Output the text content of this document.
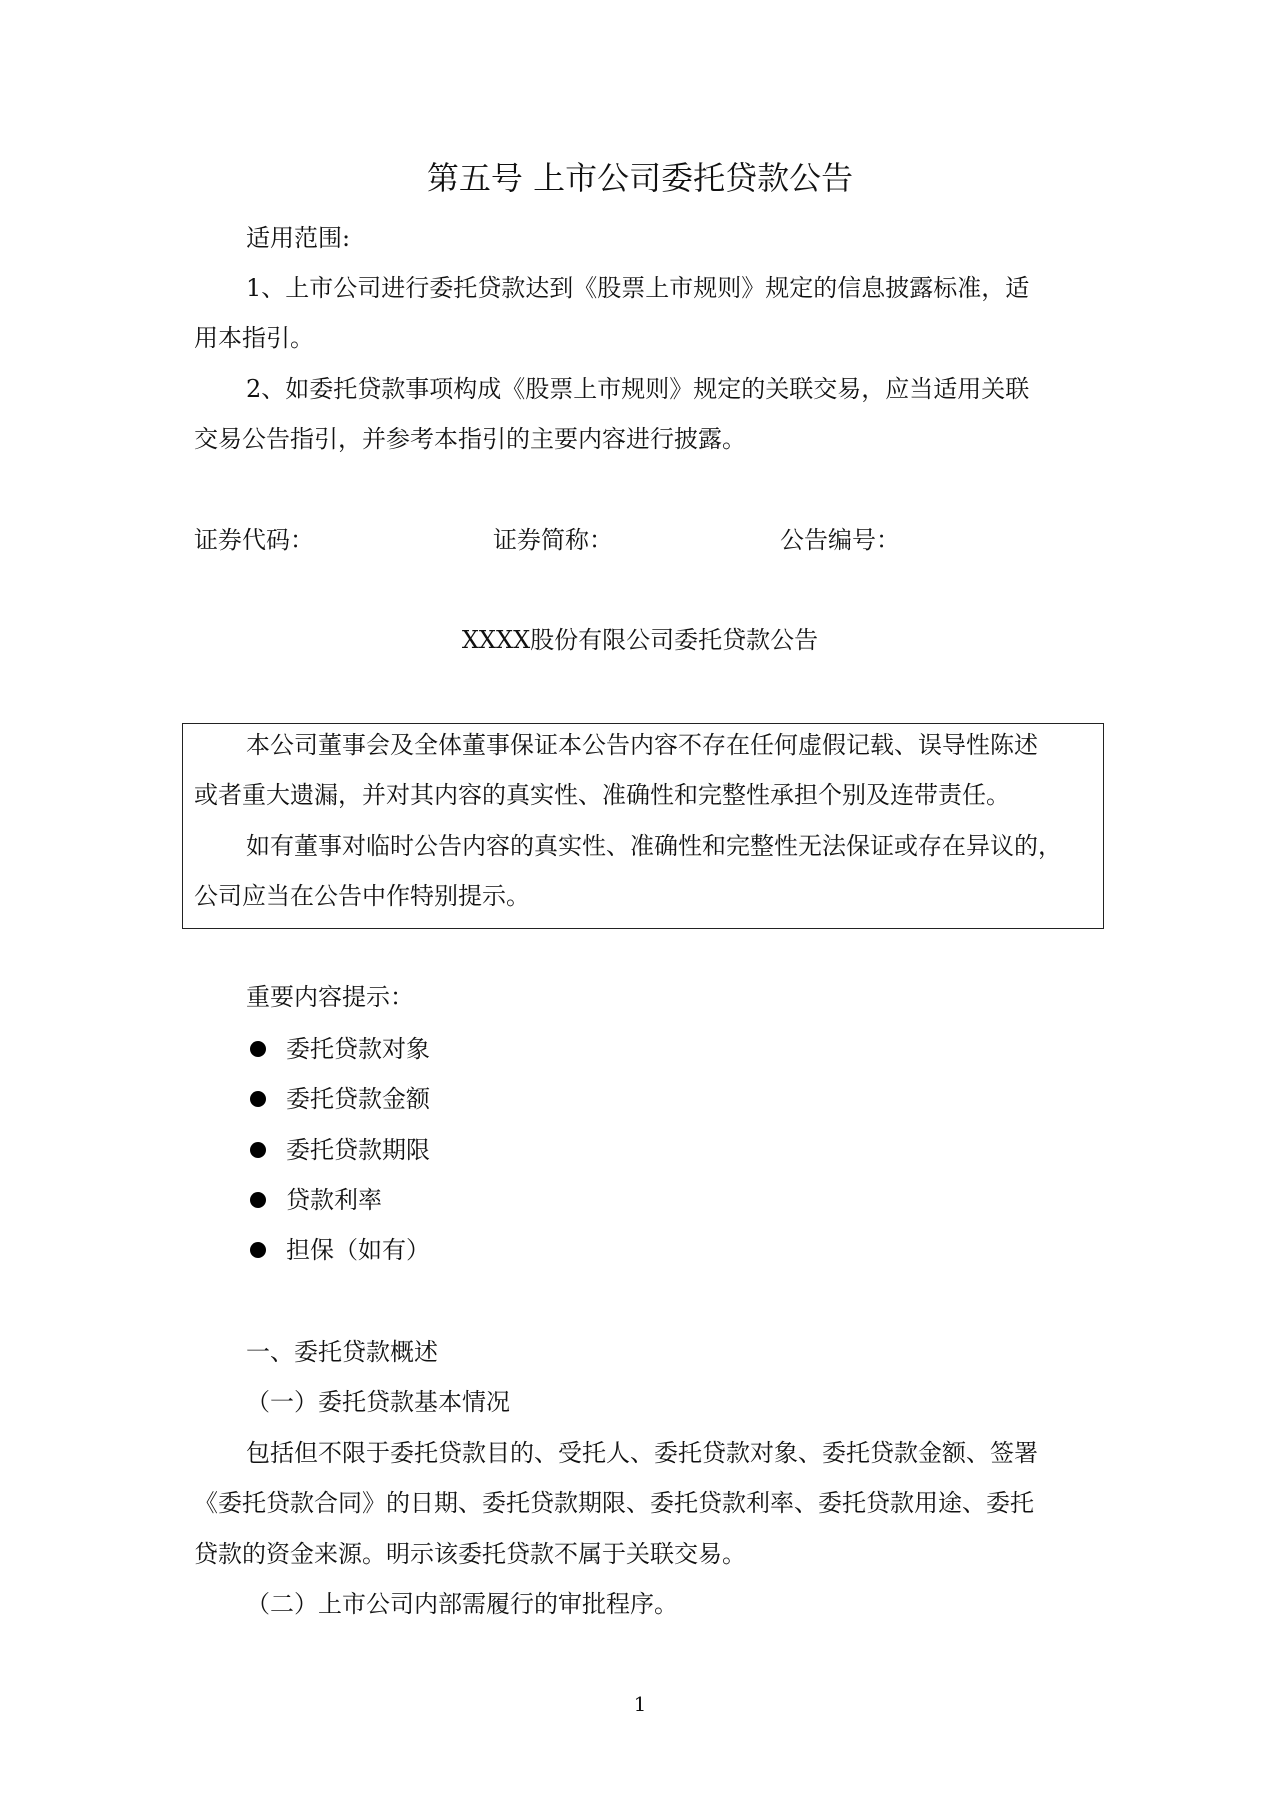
第五号 上市公司委托贷款公告
适用范围:
1、上市公司进行委托贷款达到《股票上市规则》规定的信息披露标准，适
用本指引。
2、如委托贷款事项构成《股票上市规则》规定的关联交易，应当适用关联
交易公告指引，并参考本指引的主要内容进行披露。
证券代码：	证券简称：	公告编号：
XXXX股份有限公司委托贷款公告
本公司董事会及全体董事保证本公告内容不存在任何虚假记载、误导性陈述
或者重大遗漏，并对其内容的真实性、准确性和完整性承担个别及连带责任。
如有董事对临时公告内容的真实性、准确性和完整性无法保证或存在异议的，
公司应当在公告中作特别提示。
重要内容提示：
委托贷款对象
委托贷款金额
委托贷款期限
贷款利率
担保（如有）
一、委托贷款概述
（一）委托贷款基本情况
包括但不限于委托贷款目的、受托人、委托贷款对象、委托贷款金额、签署
《委托贷款合同》的日期、委托贷款期限、委托贷款利率、委托贷款用途、委托
贷款的资金来源。明示该委托贷款不属于关联交易。
（二）上市公司内部需履行的审批程序。
1
